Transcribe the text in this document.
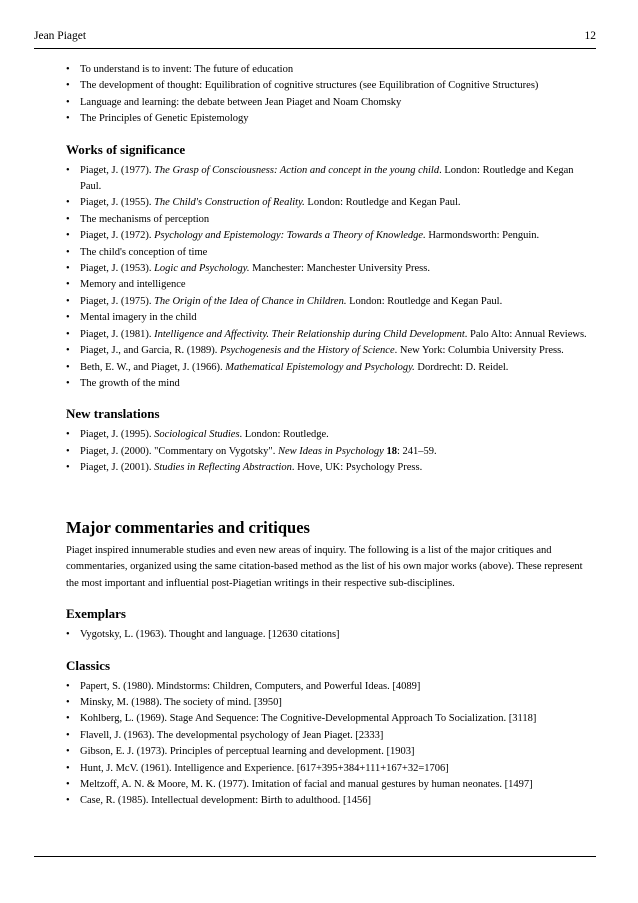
Jean Piaget	12
• To understand is to invent: The future of education
• The development of thought: Equilibration of cognitive structures (see Equilibration of Cognitive Structures)
• Language and learning: the debate between Jean Piaget and Noam Chomsky
• The Principles of Genetic Epistemology
Works of significance
• Piaget, J. (1977). The Grasp of Consciousness: Action and concept in the young child. London: Routledge and Kegan Paul.
• Piaget, J. (1955). The Child's Construction of Reality. London: Routledge and Kegan Paul.
• The mechanisms of perception
• Piaget, J. (1972). Psychology and Epistemology: Towards a Theory of Knowledge. Harmondsworth: Penguin.
• The child's conception of time
• Piaget, J. (1953). Logic and Psychology. Manchester: Manchester University Press.
• Memory and intelligence
• Piaget, J. (1975). The Origin of the Idea of Chance in Children. London: Routledge and Kegan Paul.
• Mental imagery in the child
• Piaget, J. (1981). Intelligence and Affectivity. Their Relationship during Child Development. Palo Alto: Annual Reviews.
• Piaget, J., and Garcia, R. (1989). Psychogenesis and the History of Science. New York: Columbia University Press.
• Beth, E. W., and Piaget, J. (1966). Mathematical Epistemology and Psychology. Dordrecht: D. Reidel.
• The growth of the mind
New translations
• Piaget, J. (1995). Sociological Studies. London: Routledge.
• Piaget, J. (2000). "Commentary on Vygotsky". New Ideas in Psychology 18: 241–59.
• Piaget, J. (2001). Studies in Reflecting Abstraction. Hove, UK: Psychology Press.
Major commentaries and critiques

Piaget inspired innumerable studies and even new areas of inquiry. The following is a list of the major critiques and commentaries, organized using the same citation-based method as the list of his own major works (above). These represent the most important and influential post-Piagetian writings in their respective sub-disciplines.

Exemplars
• Vygotsky, L. (1963). Thought and language. [12630 citations]
Classics
• Papert, S. (1980). Mindstorms: Children, Computers, and Powerful Ideas. [4089]
• Minsky, M. (1988). The society of mind. [3950]
• Kohlberg, L. (1969). Stage And Sequence: The Cognitive-Developmental Approach To Socialization. [3118]
• Flavell, J. (1963). The developmental psychology of Jean Piaget. [2333]
• Gibson, E. J. (1973). Principles of perceptual learning and development. [1903]
• Hunt, J. McV. (1961). Intelligence and Experience. [617+395+384+111+167+32=1706]
• Meltzoff, A. N. & Moore, M. K. (1977). Imitation of facial and manual gestures by human neonates. [1497]
• Case, R. (1985). Intellectual development: Birth to adulthood. [1456]
